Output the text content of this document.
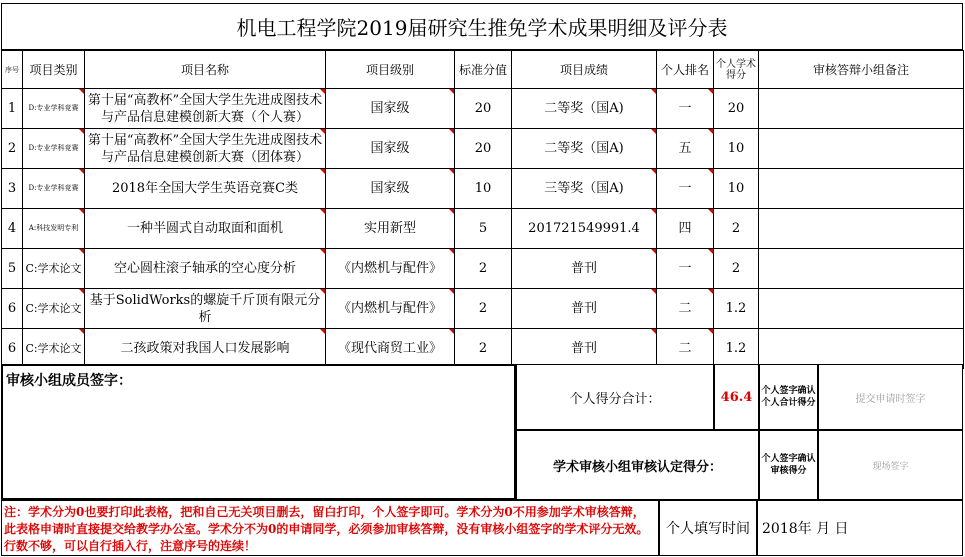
机电工程学院2019届研究生推免学术成果明细及评分表
序号	项目类别	项目名称	项目级别	标准分值	项目成绩	个人排名	个人学术得分	审核答辩小组备注
1	D:专业学科竞赛	第十届“高教杯”全国大学生先进成图技术与产品信息建模创新大赛（个人赛）	国家级	20	二等奖（国A)	一	20	
2	D:专业学科竞赛	第十届“高教杯”全国大学生先进成图技术与产品信息建模创新大赛（团体赛）	国家级	20	二等奖（国A)	五	10	
3	D:专业学科竞赛	2018年全国大学生英语竞赛C类	国家级	10	三等奖（国A)	一	10	
4	A:科技发明专利	一种半圆式自动取面和面机	实用新型	5	201721549991.4	四	2	
5	C:学术论文	空心圆柱滚子轴承的空心度分析	《内燃机与配件》	2	普刊	一	2	
6	C:学术论文	基于SolidWorks的螺旋千斤顶有限元分析	《内燃机与配件》	2	普刊	二	1.2	
6	C:学术论文	二孩政策对我国人口发展影响	《现代商贸工业》	2	普刊	二	1.2	
审核小组成员签字：
个人得分合计：	46.4	个人签字确认个人合计得分	提交申请时签字
学术审核小组审核认定得分：
个人签字确认审核得分	现场签字
注：学术分为0也要打印此表格，把和自己无关项目删去，留白打印，个人签字即可。学术分为0不用参加学术审核答辩，此表格申请时直接提交给教学办公室。学术分不为0的申请同学，必须参加审核答辩，没有审核小组签字的学术评分无效。行数不够，可以自行插入行，注意序号的连续！
个人填写时间 2018年 月 日
